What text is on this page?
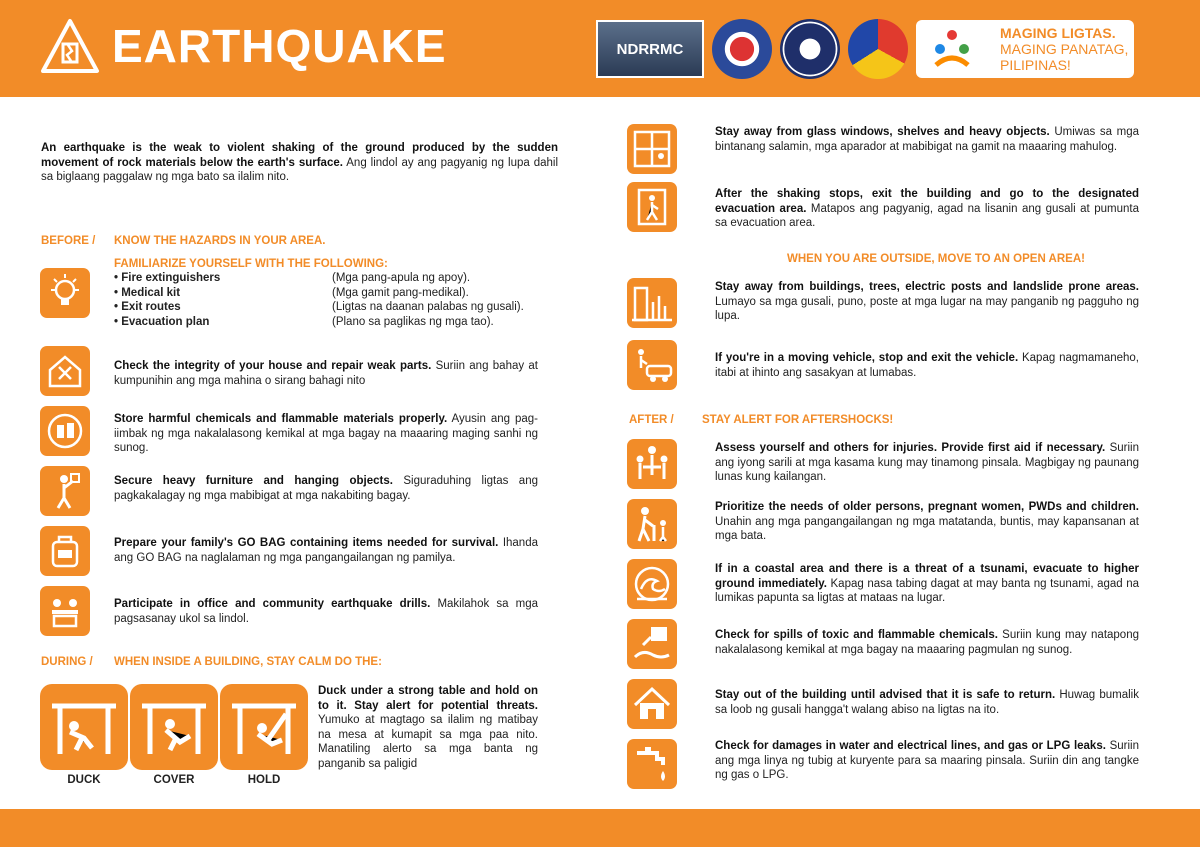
EARTHQUAKE	NDRRMC
MAGING LIGTAS.
MAGING PANATAG,
PILIPINAS!
An earthquake is the weak to violent shaking of the ground produced by the sudden movement of rock materials below the earth's surface. Ang lindol ay ang pagyanig ng lupa dahil sa biglaang paggalaw ng mga bato sa ilalim nito.
BEFORE / KNOW THE HAZARDS IN YOUR AREA.
FAMILIARIZE YOURSELF WITH THE FOLLOWING:
• Fire extinguishers	(Mga pang-apula ng apoy).
• Medical kit	(Mga gamit pang-medikal).
• Exit routes	(Ligtas na daanan palabas ng gusali).
• Evacuation plan	(Plano sa paglikas ng mga tao).
Check the integrity of your house and repair weak parts. Suriin ang bahay at kumpunihin ang mga mahina o sirang bahagi nito
Store harmful chemicals and flammable materials properly. Ayusin ang pag-iimbak ng mga nakalalasong kemikal at mga bagay na maaaring maging sanhi ng sunog.
Secure heavy furniture and hanging objects. Siguraduhing ligtas ang pagkakalagay ng mga mabibigat at mga nakabiting bagay.
Prepare your family's GO BAG containing items needed for survival. Ihanda ang GO BAG na naglalaman ng mga pangangailangan ng pamilya.
Participate in office and community earthquake drills. Makilahok sa mga pagsasanay ukol sa lindol.
DURING / WHEN INSIDE A BUILDING, STAY CALM DO THE:
DUCK	COVER	HOLD
Duck under a strong table and hold on to it. Stay alert for potential threats. Yumuko at magtago sa ilalim ng matibay na mesa at kumapit sa mga paa nito. Manatiling alerto sa mga banta ng panganib sa paligid
Stay away from glass windows, shelves and heavy objects. Umiwas sa mga bintanang salamin, mga aparador at mabibigat na gamit na maaaring mahulog.
After the shaking stops, exit the building and go to the designated evacuation area. Matapos ang pagyanig, agad na lisanin ang gusali at pumunta sa evacuation area.
WHEN YOU ARE OUTSIDE, MOVE TO AN OPEN AREA!
Stay away from buildings, trees, electric posts and landslide prone areas. Lumayo sa mga gusali, puno, poste at mga lugar na may panganib ng pagguho ng lupa.
If you're in a moving vehicle, stop and exit the vehicle. Kapag nagmamaneho, itabi at ihinto ang sasakyan at lumabas.
AFTER / STAY ALERT FOR AFTERSHOCKS!
Assess yourself and others for injuries. Provide first aid if necessary. Suriin ang iyong sarili at mga kasama kung may tinamong pinsala. Magbigay ng paunang lunas kung kailangan.
Prioritize the needs of older persons, pregnant women, PWDs and children. Unahin ang mga pangangailangan ng mga matatanda, buntis, may kapansanan at mga bata.
If in a coastal area and there is a threat of a tsunami, evacuate to higher ground immediately. Kapag nasa tabing dagat at may banta ng tsunami, agad na lumikas papunta sa ligtas at mataas na lugar.
Check for spills of toxic and flammable chemicals. Suriin kung may natapong nakalalasong kemikal at mga bagay na maaaring pagmulan ng sunog.
Stay out of the building until advised that it is safe to return. Huwag bumalik sa loob ng gusali hangga't walang abiso na ligtas na ito.
Check for damages in water and electrical lines, and gas or LPG leaks. Suriin ang mga linya ng tubig at kuryente para sa maaring pinsala. Suriin din ang tangke ng gas o LPG.
